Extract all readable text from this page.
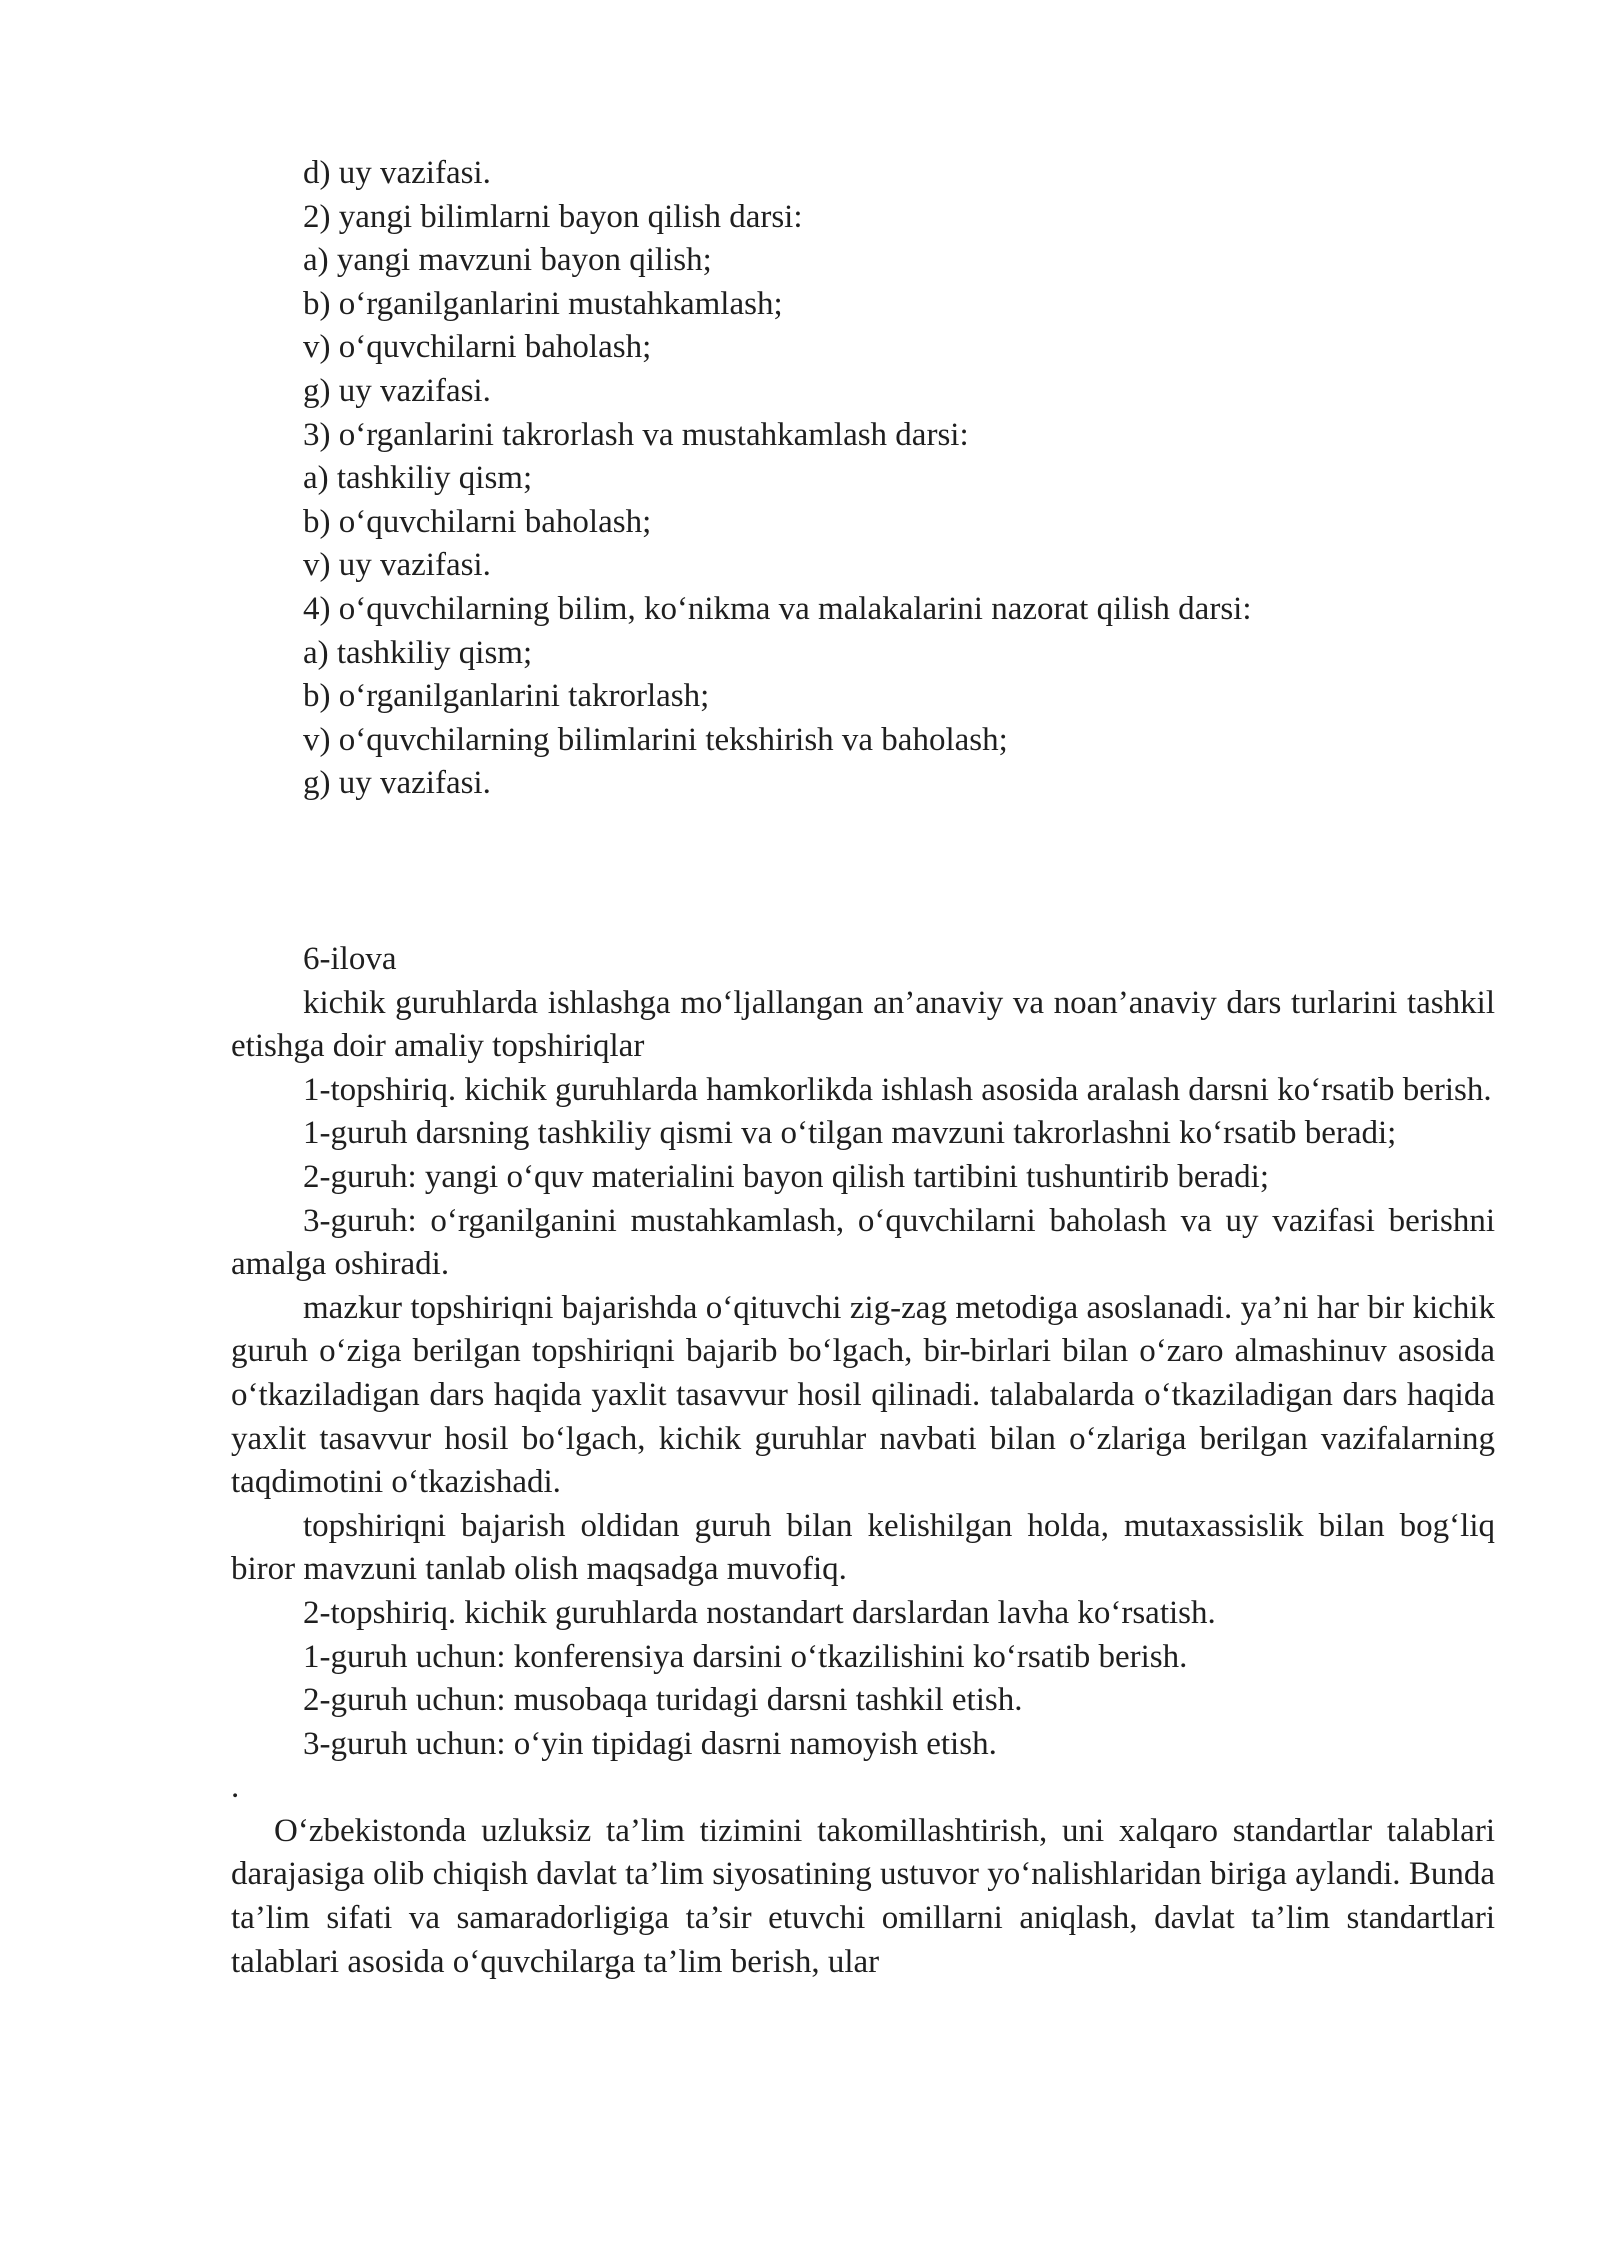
d) uy vazifasi.
2) yangi bilimlarni bayon qilish darsi:
a) yangi mavzuni bayon qilish;
b) o‘rganilganlarini mustahkamlash;
v) o‘quvchilarni baholash;
g) uy vazifasi.
3) o‘rganlarini takrorlash va mustahkamlash darsi:
a) tashkiliy qism;
b) o‘quvchilarni baholash;
v) uy vazifasi.
4) o‘quvchilarning bilim, ko‘nikma va malakalarini nazorat qilish darsi:
a) tashkiliy qism;
b) o‘rganilganlarini takrorlash;
v) o‘quvchilarning bilimlarini tekshirish va baholash;
g) uy vazifasi.

6-ilova

kichik guruhlarda ishlashga mo‘ljallangan an’anaviy va noan’anaviy dars turlarini tashkil etishga doir amaliy topshiriqlar

1-topshiriq. kichik guruhlarda hamkorlikda ishlash asosida aralash darsni ko‘rsatib berish.

1-guruh darsning tashkiliy qismi va o‘tilgan mavzuni takrorlashni ko‘rsatib beradi;

2-guruh: yangi o‘quv materialini bayon qilish tartibini tushuntirib beradi;

3-guruh: o‘rganilganini mustahkamlash, o‘quvchilarni baholash va uy vazifasi berishni amalga oshiradi.

mazkur topshiriqni bajarishda o‘qituvchi zig-zag metodiga asoslanadi. ya’ni har bir kichik guruh o‘ziga berilgan topshiriqni bajarib bo‘lgach, bir-birlari bilan o‘zaro almashinuv asosida o‘tkaziladigan dars haqida yaxlit tasavvur hosil qilinadi. talabalarda o‘tkaziladigan dars haqida yaxlit tasavvur hosil bo‘lgach, kichik guruhlar navbati bilan o‘zlariga berilgan vazifalarning taqdimotini o‘tkazishadi.

topshiriqni bajarish oldidan guruh bilan kelishilgan holda, mutaxassislik bilan bog‘liq biror mavzuni tanlab olish maqsadga muvofiq.

2-topshiriq. kichik guruhlarda nostandart darslardan lavha ko‘rsatish.

1-guruh uchun: konferensiya darsini o‘tkazilishini ko‘rsatib berish.

2-guruh uchun: musobaqa turidagi darsni tashkil etish.

3-guruh uchun: o‘yin tipidagi dasrni namoyish etish.

.

O‘zbekistonda uzluksiz ta’lim tizimini takomillashtirish, uni xalqaro standartlar talablari darajasiga olib chiqish davlat ta’lim siyosatining ustuvor yo‘nalishlaridan biriga aylandi. Bunda ta’lim sifati va samaradorligiga ta’sir etuvchi omillarni aniqlash, davlat ta’lim standartlari talablari asosida o‘quvchilarga ta’lim berish, ular
